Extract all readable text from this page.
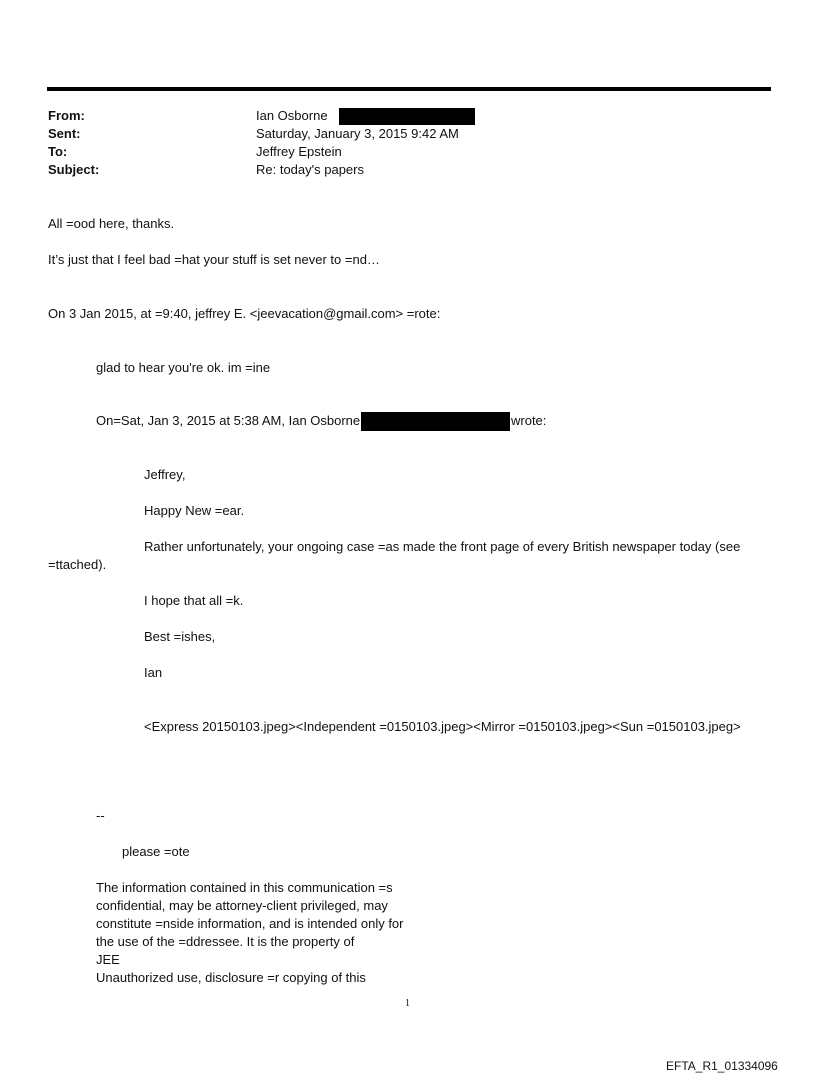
From:	Ian Osborne
Sent:	Saturday, January 3, 2015 9:42 AM
To:	Jeffrey Epstein
Subject:	Re: today's papers
All =ood here, thanks.
It’s just that I feel bad =hat your stuff is set never to =nd…
On 3 Jan 2015, at =9:40, jeffrey E. <jeevacation@gmail.com> =rote:
glad to hear you're ok. im =ine
On=Sat, Jan 3, 2015 at 5:38 AM, Ian Osborne	wrote:
Jeffrey,
Happy New =ear.
Rather unfortunately, your ongoing case =as made the front page of every British newspaper today (see
=ttached).
I hope that all =k.
Best =ishes,
Ian
<Express 20150103.jpeg><Independent =0150103.jpeg><Mirror =0150103.jpeg><Sun =0150103.jpeg>
--
please =ote
The information contained in this communication =s
confidential, may be attorney-client privileged, may
constitute =nside information, and is intended only for
the use of the =ddressee. It is the property of
JEE
Unauthorized use, disclosure =r copying of this
1
EFTA_R1_01334096
